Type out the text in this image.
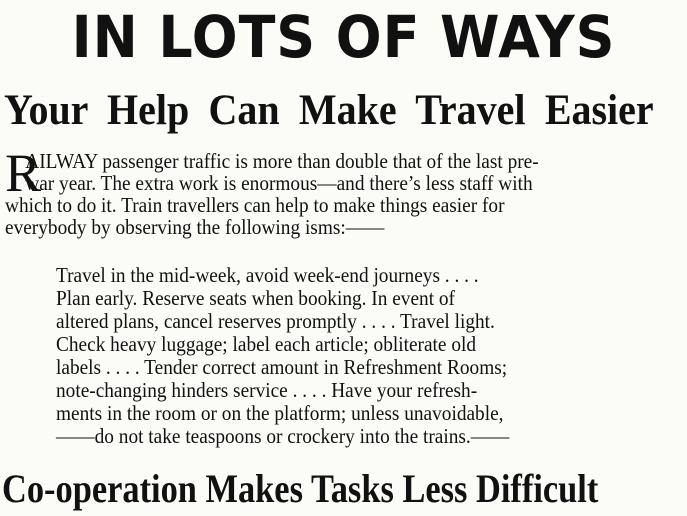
IN LOTS OF WAYS
Your Help Can Make Travel Easier
R
AILWAY passenger traffic is more than double that of the last pre-
war year. The extra work is enormous—and there’s less staff with
which to do it. Train travellers can help to make things easier for
everybody by observing the following isms:——
Travel in the mid-week, avoid week-end journeys . . . .
Plan early. Reserve seats when booking. In event of
altered plans, cancel reserves promptly . . . . Travel light.
Check heavy luggage; label each article; obliterate old
labels . . . . Tender correct amount in Refreshment Rooms;
note-changing hinders service . . . . Have your refresh-
ments in the room or on the platform; unless unavoidable,
——do not take teaspoons or crockery into the trains.——
Co-operation Makes Tasks Less Difficult
